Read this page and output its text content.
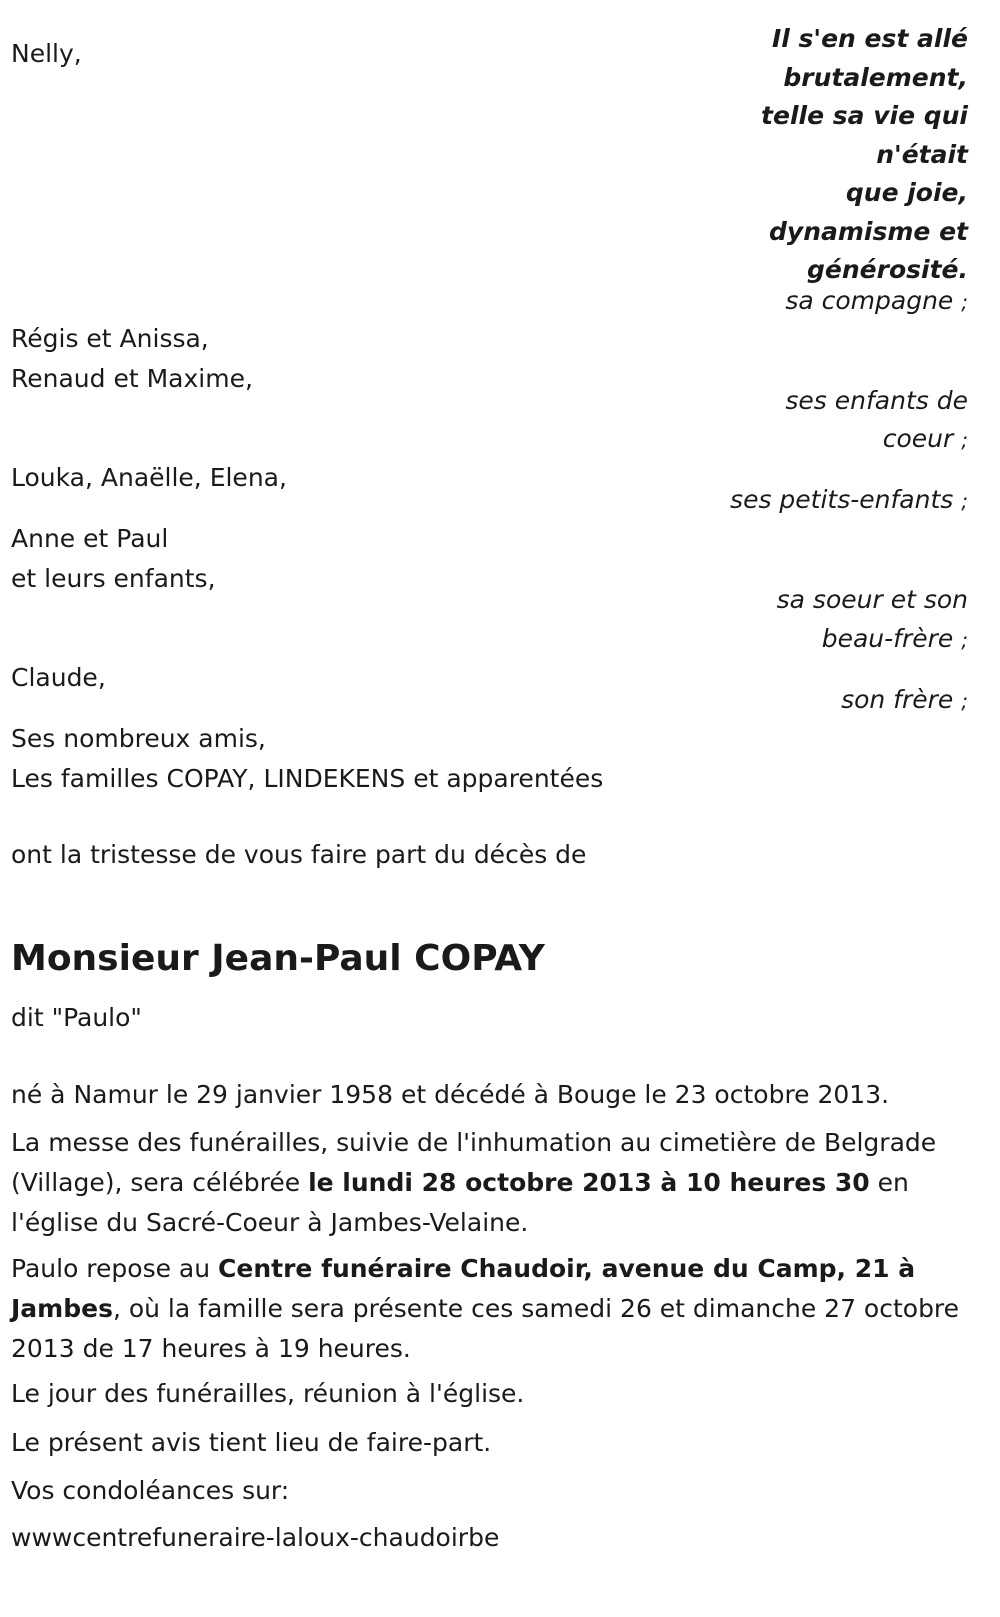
Il s'en est allé
brutalement,
telle sa vie qui
n'était
que joie,
dynamisme et
générosité.

Nelly,

sa compagne ;

Régis et Anissa,
Renaud et Maxime,

ses enfants de

coeur ;

Louka, Anaëlle, Elena,

ses petits-enfants ;

Anne et Paul
et leurs enfants,

sa soeur et son

beau-frère ;

Claude,

son frère ;

Ses nombreux amis,
Les familles COPAY, LINDEKENS et apparentées

ont la tristesse de vous faire part du décès de

Monsieur Jean-Paul COPAY

dit "Paulo"

né à Namur le 29 janvier 1958 et décédé à Bouge le 23 octobre 2013.

La messe des funérailles, suivie de l'inhumation au cimetière de Belgrade (Village), sera célébrée le lundi 28 octobre 2013 à 10 heures 30 en l'église du Sacré-Coeur à Jambes-Velaine.

Paulo repose au Centre funéraire Chaudoir, avenue du Camp, 21 à Jambes, où la famille sera présente ces samedi 26 et dimanche 27 octobre 2013 de 17 heures à 19 heures.

Le jour des funérailles, réunion à l'église.

Le présent avis tient lieu de faire-part.

Vos condoléances sur:

wwwcentrefuneraire-laloux-chaudoirbe
